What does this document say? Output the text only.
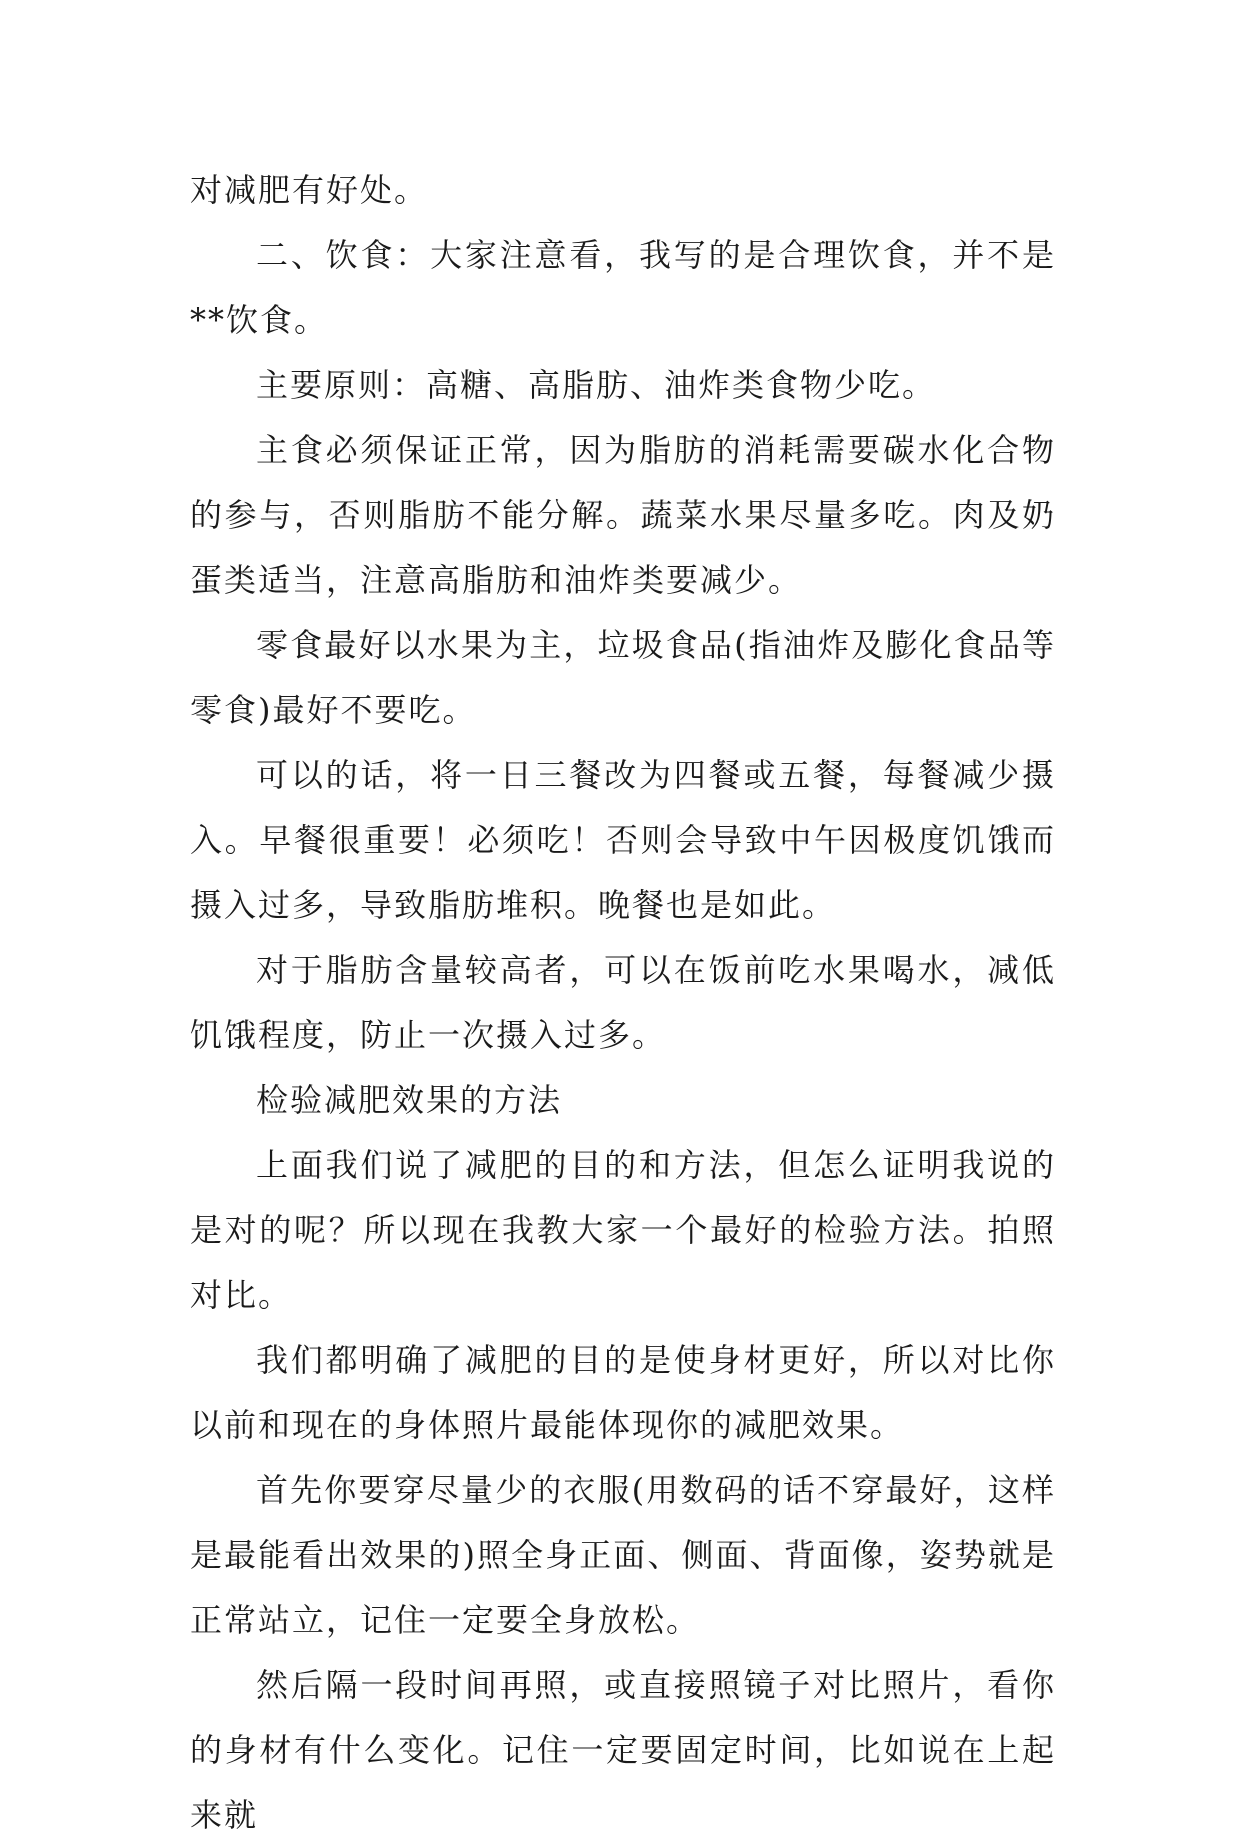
对减肥有好处。

二、饮食：大家注意看，我写的是合理饮食，并不是**饮食。

主要原则：高糖、高脂肪、油炸类食物少吃。

主食必须保证正常，因为脂肪的消耗需要碳水化合物的参与，否则脂肪不能分解。蔬菜水果尽量多吃。肉及奶蛋类适当，注意高脂肪和油炸类要减少。

零食最好以水果为主，垃圾食品(指油炸及膨化食品等零食)最好不要吃。

可以的话，将一日三餐改为四餐或五餐，每餐减少摄入。早餐很重要！必须吃！否则会导致中午因极度饥饿而摄入过多，导致脂肪堆积。晚餐也是如此。

对于脂肪含量较高者，可以在饭前吃水果喝水，减低饥饿程度，防止一次摄入过多。

检验减肥效果的方法

上面我们说了减肥的目的和方法，但怎么证明我说的是对的呢？所以现在我教大家一个最好的检验方法。拍照对比。

我们都明确了减肥的目的是使身材更好，所以对比你以前和现在的身体照片最能体现你的减肥效果。

首先你要穿尽量少的衣服(用数码的话不穿最好，这样是最能看出效果的)照全身正面、侧面、背面像，姿势就是正常站立，记住一定要全身放松。

然后隔一段时间再照，或直接照镜子对比照片，看你的身材有什么变化。记住一定要固定时间，比如说在上起来就
